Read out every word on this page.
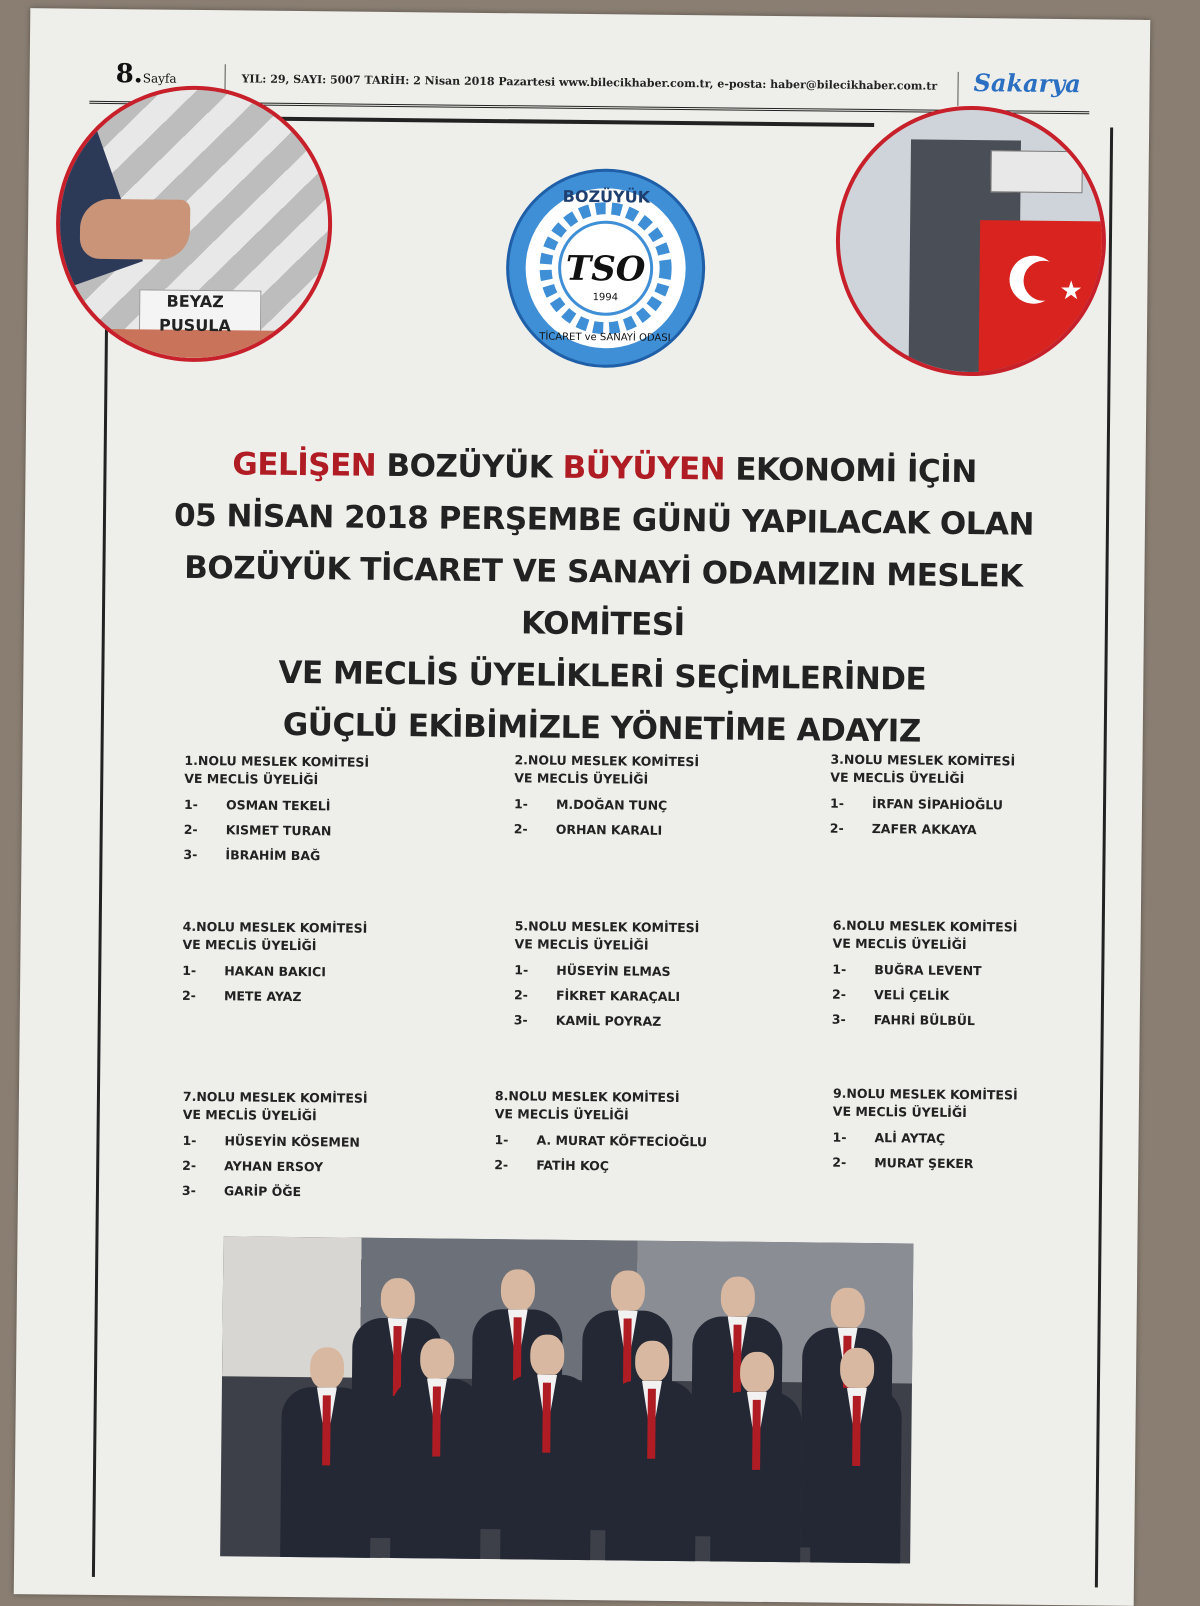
8.Sayfa	YIL: 29, SAYI: 5007 TARİH: 2 Nisan 2018 Pazartesi www.bilecikhaber.com.tr, e-posta: haber@bilecikhaber.com.tr Sakarya
BEYAZ
PUSULA
★
BOZÜYÜK
TSO
1994
TİCARET ve SANAYİ ODASI
GELİŞEN BOZÜYÜK BÜYÜYEN EKONOMİ İÇİN
05 NİSAN 2018 PERŞEMBE GÜNÜ YAPILACAK OLAN
BOZÜYÜK TİCARET VE SANAYİ ODAMIZIN MESLEK KOMİTESİ
VE MECLİS ÜYELİKLERİ SEÇİMLERİNDE
GÜÇLÜ EKİBİMİZLE YÖNETİME ADAYIZ
1.NOLU MESLEK KOMİTESİ VE MECLİS ÜYELİĞİ
1-	OSMAN TEKELİ
2-	KISMET TURAN
3-	İBRAHİM BAĞ
2.NOLU MESLEK KOMİTESİ VE MECLİS ÜYELİĞİ
1-	M.DOĞAN TUNÇ
2-	ORHAN KARALI
3.NOLU MESLEK KOMİTESİ VE MECLİS ÜYELİĞİ
1-	İRFAN SİPAHİOĞLU
2-	ZAFER AKKAYA
4.NOLU MESLEK KOMİTESİ VE MECLİS ÜYELİĞİ
1-	HAKAN BAKICI
2-	METE AYAZ
5.NOLU MESLEK KOMİTESİ VE MECLİS ÜYELİĞİ
1-	HÜSEYİN ELMAS
2-	FİKRET KARAÇALI
3-	KAMİL POYRAZ
6.NOLU MESLEK KOMİTESİ VE MECLİS ÜYELİĞİ
1-	BUĞRA LEVENT
2-	VELİ ÇELİK
3-	FAHRİ BÜLBÜL
7.NOLU MESLEK KOMİTESİ VE MECLİS ÜYELİĞİ
1-	HÜSEYİN KÖSEMEN
2-	AYHAN ERSOY
3-	GARİP ÖĞE
8.NOLU MESLEK KOMİTESİ VE MECLİS ÜYELİĞİ
1-	A. MURAT KÖFTECİOĞLU
2-	FATİH KOÇ
9.NOLU MESLEK KOMİTESİ VE MECLİS ÜYELİĞİ
1-	ALİ AYTAÇ
2-	MURAT ŞEKER
